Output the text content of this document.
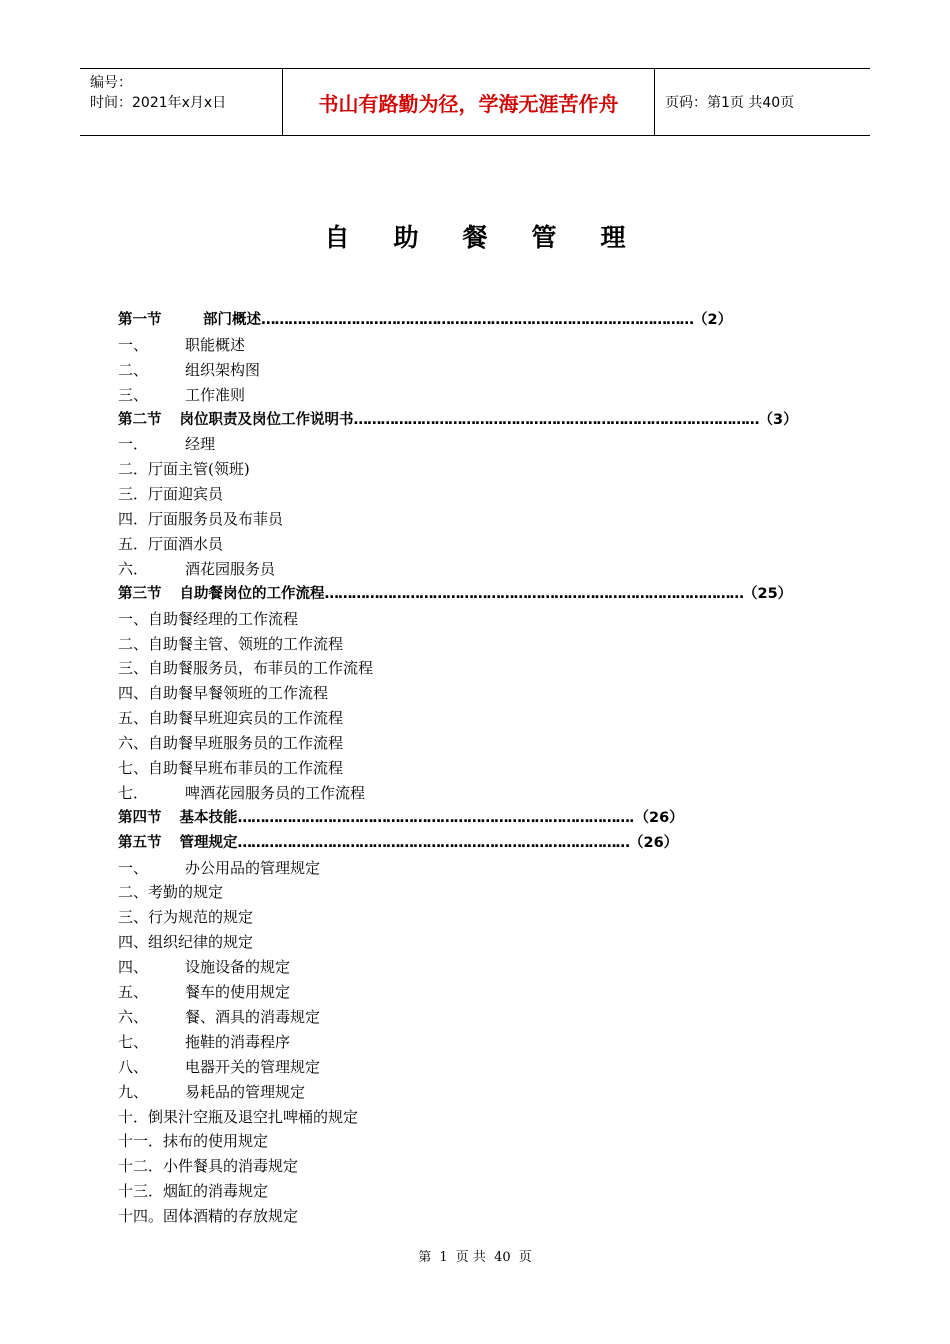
编号：
时间：2021年x月x日	书山有路勤为径，学海无涯苦作舟	页码：第1页 共40页
自助餐管理
第一节	部门概述 …………………………………………………………………………………… （2）
一、	职能概述
二、	组织架构图
三、	工作准则
第二节 岗位职责及岗位工作说明书 ……………………………………………………………………………… （3）
一．	经理
二． 厅面主管(领班)
三． 厅面迎宾员
四． 厅面服务员及布菲员
五． 厅面酒水员
六．	酒花园服务员
第三节 自助餐岗位的工作流程 ………………………………………………………………………………… （25）
一、 自助餐经理的工作流程
二、 自助餐主管、领班的工作流程
三、 自助餐服务员，布菲员的工作流程
四、 自助餐早餐领班的工作流程
五、 自助餐早班迎宾员的工作流程
六、 自助餐早班服务员的工作流程
七、 自助餐早班布菲员的工作流程
七．	啤酒花园服务员的工作流程
第四节 基本技能 …………………………………………………………………………… .（26）
第五节 管理规定 …………………………………………………………………………… （26）
一、	办公用品的管理规定
二、 考勤的规定
三、 行为规范的规定
四、 组织纪律的规定
四、	设施设备的规定
五、	餐车的使用规定
六、	餐、酒具的消毒规定
七、	拖鞋的消毒程序
八、	电器开关的管理规定
九、	易耗品的管理规定
十． 倒果汁空瓶及退空扎啤桶的规定
十一． 抹布的使用规定
十二． 小件餐具的消毒规定
十三． 烟缸的消毒规定
十四。 固体酒精的存放规定
第 1 页 共 40 页
